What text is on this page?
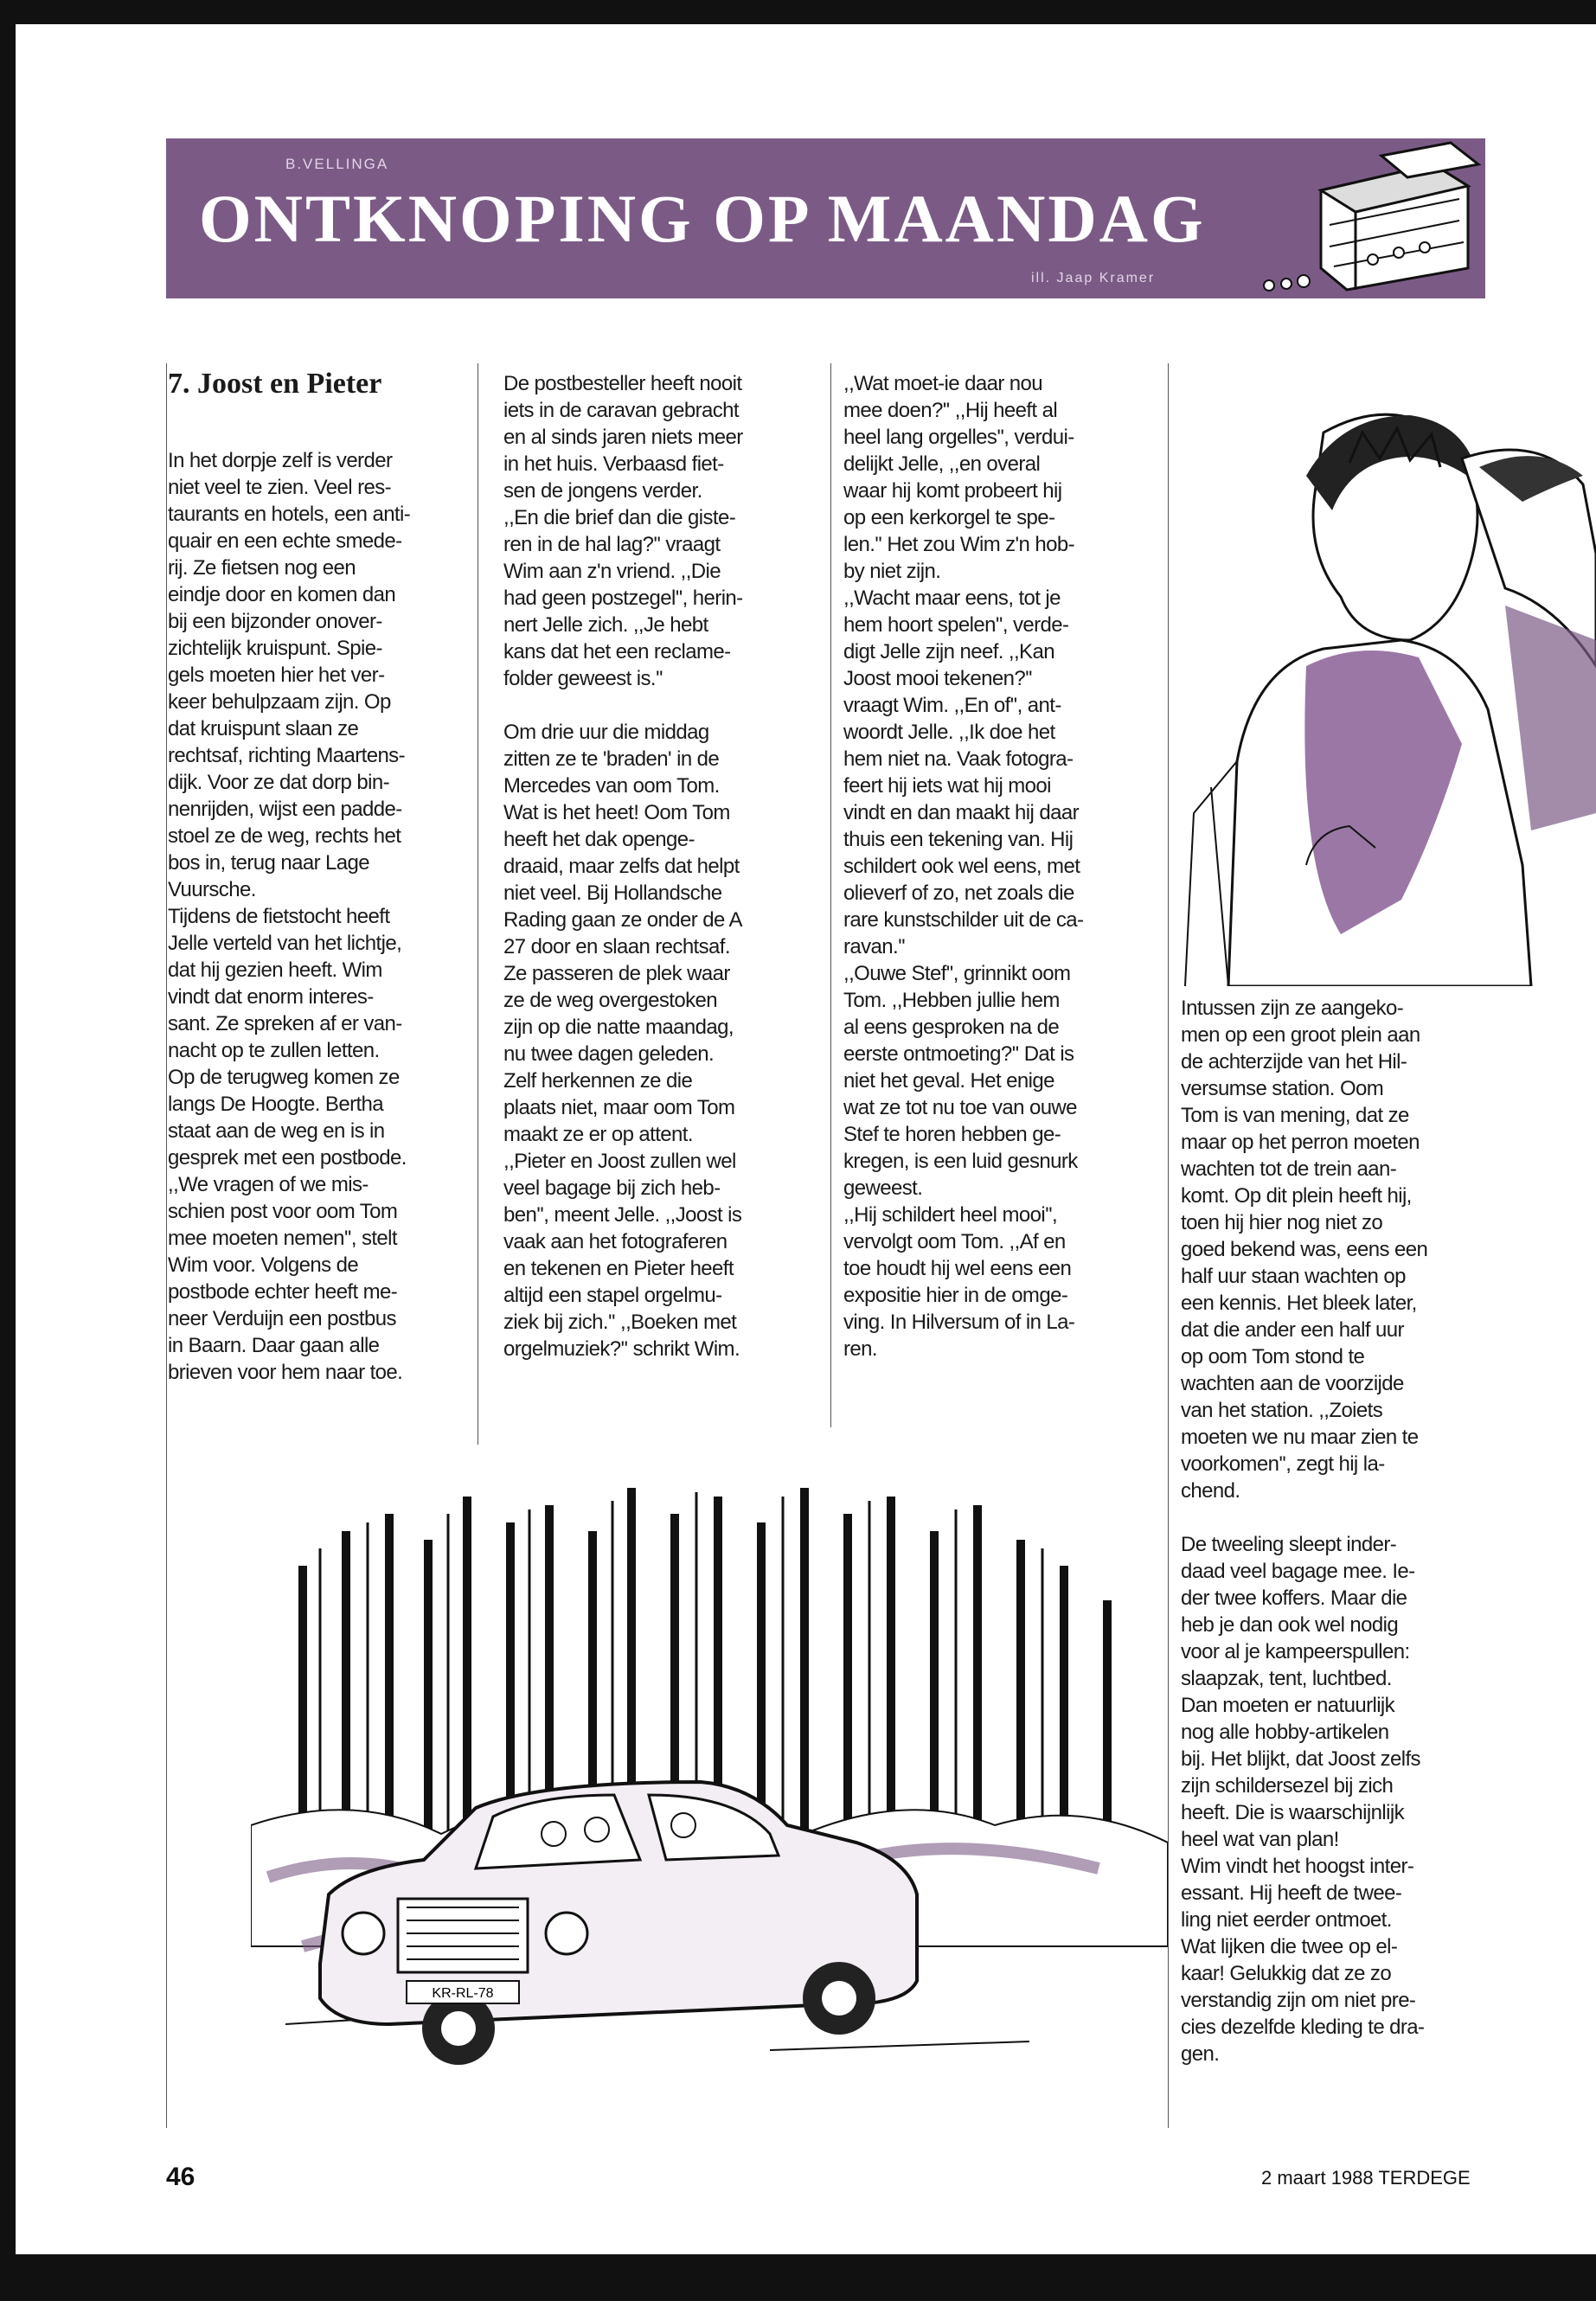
B.VELLINGA
ONTKNOPING OP MAANDAG
ill. Jaap Kramer
7. Joost en Pieter

In het dorpje zelf is verder
niet veel te zien. Veel res-
taurants en hotels, een anti-
quair en een echte smede-
rij. Ze fietsen nog een
eindje door en komen dan
bij een bijzonder onover-
zichtelijk kruispunt. Spie-
gels moeten hier het ver-
keer behulpzaam zijn. Op
dat kruispunt slaan ze
rechtsaf, richting Maartens-
dijk. Voor ze dat dorp bin-
nenrijden, wijst een padde-
stoel ze de weg, rechts het
bos in, terug naar Lage
Vuursche.

Tijdens de fietstocht heeft
Jelle verteld van het lichtje,
dat hij gezien heeft. Wim
vindt dat enorm interes-
sant. Ze spreken af er van-
nacht op te zullen letten.

Op de terugweg komen ze
langs De Hoogte. Bertha
staat aan de weg en is in
gesprek met een postbode.

,,We vragen of we mis-
schien post voor oom Tom
mee moeten nemen'', stelt
Wim voor. Volgens de
postbode echter heeft me-
neer Verduijn een postbus
in Baarn. Daar gaan alle
brieven voor hem naar toe.

De postbesteller heeft nooit
iets in de caravan gebracht
en al sinds jaren niets meer
in het huis. Verbaasd fiet-
sen de jongens verder.

,,En die brief dan die giste-
ren in de hal lag?'' vraagt
Wim aan z'n vriend. ,,Die
had geen postzegel'', herin-
nert Jelle zich. ,,Je hebt
kans dat het een reclame-
folder geweest is.''

Om drie uur die middag
zitten ze te 'braden' in de
Mercedes van oom Tom.
Wat is het heet! Oom Tom
heeft het dak openge-
draaid, maar zelfs dat helpt
niet veel. Bij Hollandsche
Rading gaan ze onder de A
27 door en slaan rechtsaf.
Ze passeren de plek waar
ze de weg overgestoken
zijn op die natte maandag,
nu twee dagen geleden.
Zelf herkennen ze die
plaats niet, maar oom Tom
maakt ze er op attent.

,,Pieter en Joost zullen wel
veel bagage bij zich heb-
ben'', meent Jelle. ,,Joost is
vaak aan het fotograferen
en tekenen en Pieter heeft
altijd een stapel orgelmu-
ziek bij zich.'' ,,Boeken met
orgelmuziek?'' schrikt Wim.

,,Wat moet-ie daar nou
mee doen?'' ,,Hij heeft al
heel lang orgelles'', verdui-
delijkt Jelle, ,,en overal
waar hij komt probeert hij
op een kerkorgel te spe-
len.'' Het zou Wim z'n hob-
by niet zijn.

,,Wacht maar eens, tot je
hem hoort spelen'', verde-
digt Jelle zijn neef. ,,Kan
Joost mooi tekenen?''
vraagt Wim. ,,En of'', ant-
woordt Jelle. ,,Ik doe het
hem niet na. Vaak fotogra-
feert hij iets wat hij mooi
vindt en dan maakt hij daar
thuis een tekening van. Hij
schildert ook wel eens, met
olieverf of zo, net zoals die
rare kunstschilder uit de ca-
ravan.''

,,Ouwe Stef'', grinnikt oom
Tom. ,,Hebben jullie hem
al eens gesproken na de
eerste ontmoeting?'' Dat is
niet het geval. Het enige
wat ze tot nu toe van ouwe
Stef te horen hebben ge-
kregen, is een luid gesnurk
geweest.

,,Hij schildert heel mooi'',
vervolgt oom Tom. ,,Af en
toe houdt hij wel eens een
expositie hier in de omge-
ving. In Hilversum of in La-
ren.

Intussen zijn ze aangeko-
men op een groot plein aan
de achterzijde van het Hil-
versumse station. Oom
Tom is van mening, dat ze
maar op het perron moeten
wachten tot de trein aan-
komt. Op dit plein heeft hij,
toen hij hier nog niet zo
goed bekend was, eens een
half uur staan wachten op
een kennis. Het bleek later,
dat die ander een half uur
op oom Tom stond te
wachten aan de voorzijde
van het station. ,,Zoiets
moeten we nu maar zien te
voorkomen'', zegt hij la-
chend.

De tweeling sleept inder-
daad veel bagage mee. Ie-
der twee koffers. Maar die
heb je dan ook wel nodig
voor al je kampeerspullen:
slaapzak, tent, luchtbed.
Dan moeten er natuurlijk
nog alle hobby-artikelen
bij. Het blijkt, dat Joost zelfs
zijn schildersezel bij zich
heeft. Die is waarschijnlijk
heel wat van plan!

Wim vindt het hoogst inter-
essant. Hij heeft de twee-
ling niet eerder ontmoet.
Wat lijken die twee op el-
kaar! Gelukkig dat ze zo
verstandig zijn om niet pre-
cies dezelfde kleding te dra-
gen.

KR-RL-78
46	2 maart 1988 TERDEGE
